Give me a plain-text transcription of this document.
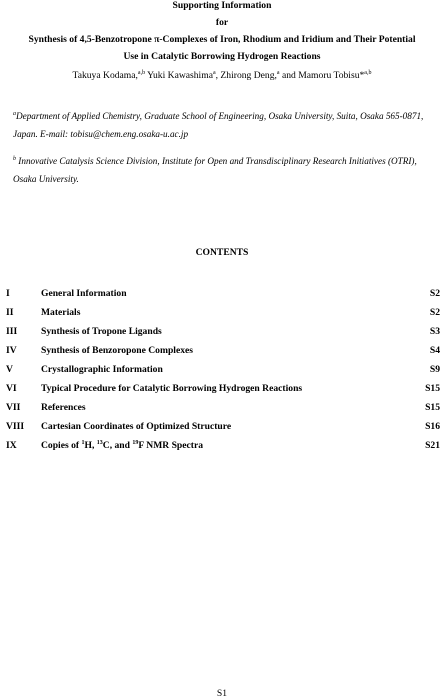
Supporting Information
for
Synthesis of 4,5-Benzotropone π-Complexes of Iron, Rhodium and Iridium and Their Potential
Use in Catalytic Borrowing Hydrogen Reactions
Takuya Kodama,$^{a,b}$ Yuki Kawashima$^a$, Zhirong Deng,$^a$ and Mamoru Tobisu*$^{a,b}$
$^a$Department of Applied Chemistry, Graduate School of Engineering, Osaka University, Suita, Osaka 565-0871, Japan. E-mail: tobisu@chem.eng.osaka-u.ac.jp
$^b$ Innovative Catalysis Science Division, Institute for Open and Transdisciplinary Research Initiatives (OTRI), Osaka University.
CONTENTS
I	General Information	S2
II	Materials	S2
III Synthesis of Tropone Ligands	S3
IV	Synthesis of Benzoropone Complexes	S4
V	Crystallographic Information	S9
VI	Typical Procedure for Catalytic Borrowing Hydrogen Reactions	S15
VII References	S15
VIII Cartesian Coordinates of Optimized Structure	S16
IX	Copies of $^1$H, $^{13}$C, and $^{19}$F NMR Spectra	S21
S1
